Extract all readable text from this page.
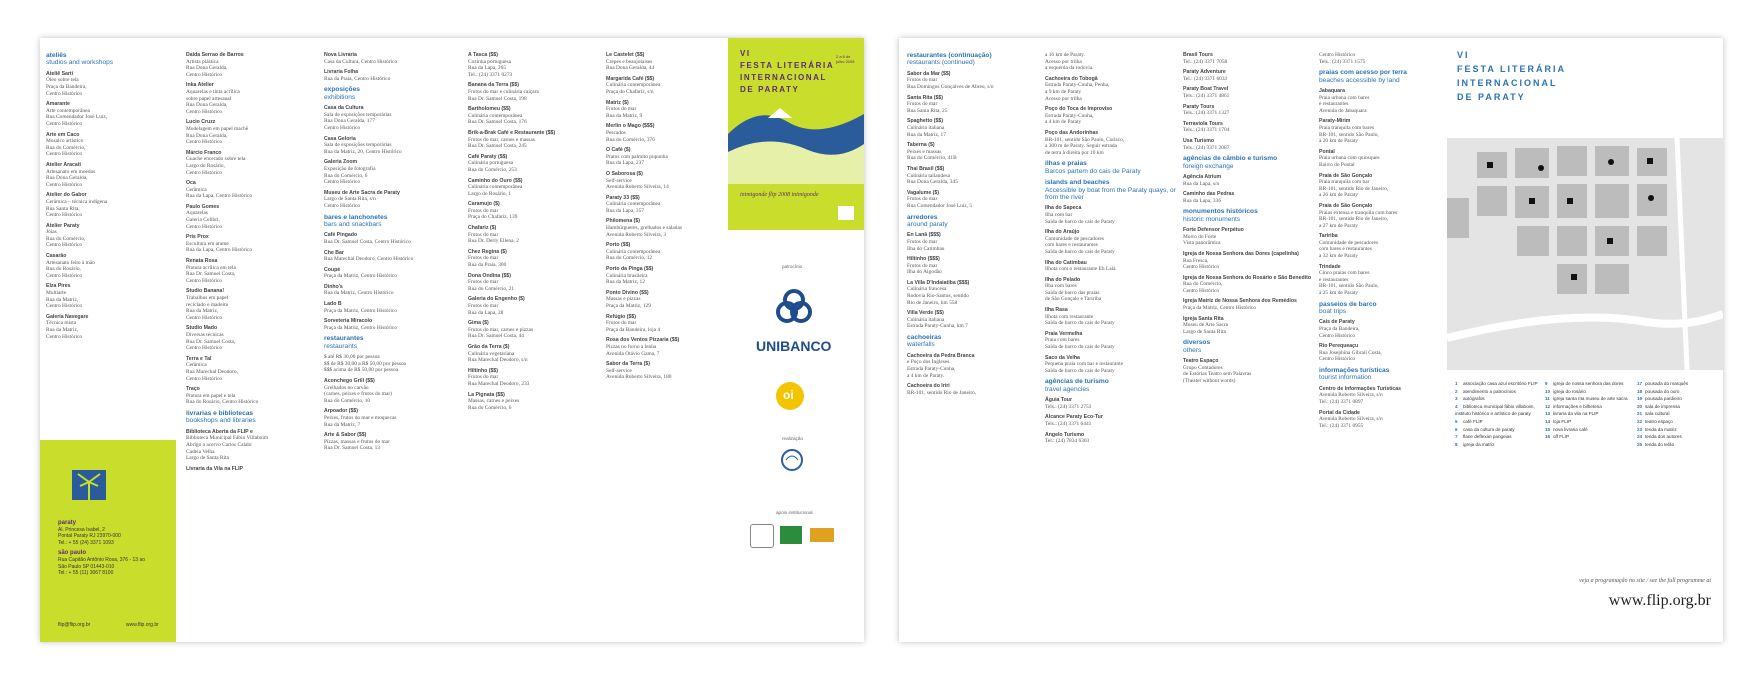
ateliês
studios and workshops
Ateliê Sarti
Óleo sobre tela
Praça da Bandeira,
Centro Histórico
Amarante
Arte contemporânea
Rua Comendador José Luiz,
Centro Histórico
Arte em Caco
Mosaico artístico
Rua do Comércio,
Centro Histórico
Atelier Aracati
Artesanato em moedas
Rua Dona Geralda,
Centro Histórico
Atelier do Gabor
Cerâmica – técnica indígena
Rua Santa Rita,
Centro Histórico
Atelier Paraty
Jóias
Rua do Comércio,
Centro Histórico
Casarão
Artesanato feito à mão
Rua do Rosário,
Centro Histórico
Elza Pires
Multiarte
Rua da Matriz,
Centro Histórico
Galeria Navegare
Técnica mista
Rua da Matriz,
Centro Histórico
paraty
Al. Princesa Isabel, 2
Pontal Paraty RJ 23970-000
Tel.: + 55 (24) 3371 1093
são paulo
Rua Capitão Antônio Rosa, 376 - 13 ao
São Paulo SP 01443-010
Tel.: + 55 (11) 3067 8100
flip@flip.org.br	www.flip.org.br
Dalda Serrao de Barros
Artista plástica
Rua Dona Geralda,
Centro Histórico
Inka Atelier
Aquarelas e tinta acrílica
sobre papel artesanal
Rua Dona Geralda,
Centro Histórico
Lucio Cruzz
Modelagem em papel machê
Rua Dona Geralda,
Centro Histórico
Márcio Franco
Guache encerado sobre tela
Largo do Rosário,
Centro Histórico
Oca
Cerâmica
Rua da Lapa, Centro Histórico
Paulo Gomes
Aquarelas
Galeria Colibri,
Centro Histórico
Pris Prox
Escultura em arame
Rua da Lapa, Centro Histórico
Renata Rosa
Pintura acrílica em tela
Rua Dr. Samuel Costa,
Centro Histórico
Studio Banana!
Trabalhos em papel
reciclado e madeira
Rua da Matriz,
Centro Histórico
Studio Mado
Diversas técnicas
Rua Dr. Samuel Costa,
Centro Histórico
Terra e Tal
Cerâmica
Rua Marechal Deodoro,
Centro Histórico
Traço
Pintura em papel e tela
Rua do Rosário, Centro Histórico
livrarias e bibliotecas
bookshops and libraries
Biblioteca Aberta da FLIP e
Biblioteca Municipal Fábio Villaboim
Abrigo a acervo Carlos Calabi
Cadeia Velha
Largo de Santa Rita
Livraria da Vila na FLIP
Nova Livraria
Casa da Cultura, Centro Histórico
Livraria Folha
Rua da Praia, Centro Histórico
exposições
exhibitions
Casa da Cultura
Sala de exposições temporárias
Rua Dona Geralda, 177
Centro Histórico
Casa Geloria
Sala de exposições temporárias
Rua da Matriz, 20, Centro Histórico
Galeria Zoom
Exposição de fotografia
Rua do Comércio, 6
Centro Histórico
Museu de Arte Sacra de Paraty
Largo de Santa Rita, s/n
Centro Histórico
bares e lanchonetes
bars and snackbars
Café Pingado
Rua Dr. Samuel Costa, Centro Histórico
Che Bar
Rua Marechal Deodoro, Centro Histórico
Coupé
Praça da Matriz, Centro Histórico
Dinho's
Rua da Matriz, Centro Histórico
Lado B
Praça da Matriz, Centro Histórico
Sorveteria Miracolo
Praça da Matriz, Centro Histórico
restaurantes
restaurants
$ até R$ 30,00 por pessoa
$$ de R$ 30,00 a R$ 50,00 por pessoa
$$$ acima de R$ 50,00 por pessoa
Aconchego Grill ($$)
Grelhados no carvão
(carnes, peixes e frutos do mar)
Rua do Comércio, 10
Arpoador ($$)
Peixes, frutos do mar e moquecas
Rua da Matriz, 7
Arte & Sabor ($$)
Pizzas, massas e frutos do mar
Rua Dr. Samuel Costa, 13
A Tasca ($$)
Cozinha portuguesa
Rua da Lapa, 265
Tel.: (24) 3371 0273
Banana da Terra ($$)
Frutos do mar e culinária caiçara
Rua Dr. Samuel Costa, 198
Bartholomeu ($$)
Culinária contemporânea
Rua Dr. Samuel Costa, 176
Brik-a-Brak Café e Restaurante ($$)
Frutos do mar, carnes e massas
Rua Dr. Samuel Costa, 245
Café Paraty ($$)
Culinária portuguesa
Rua do Comércio, 253
Caminho do Ouro ($$)
Culinária contemporânea
Largo do Rosário, 1
Caramujo ($)
Frutos do mar
Praça do Chafariz, 139
Chafariz ($)
Frutos do mar
Rua Dr. Derly Ellena, 2
Chez Regina ($)
Frutos do mar
Rua da Praia, 300
Dona Ondina ($$)
Frutos do mar
Rua do Comércio, 21
Galeria do Engenho ($)
Frutos do mar
Rua da Lapa, 28
Gima ($)
Frutos do mar, carnes e pizzas
Rua Dr. Samuel Costa, 44
Grão da Terra ($)
Culinária vegetariana
Rua Marechal Deodoro, s/n
Hiltinho ($$)
Frutos do mar
Rua Marechal Deodoro, 233
La Pignata ($$)
Massas, carnes e peixes
Rua do Comércio, 6
Le Castelet ($$)
Crepes e beaujolaises
Rua Dona Geralda, 44
Margarida Café ($$)
Culinária contemporânea
Praça do Chafariz, s/n
Matriz ($)
Frutos do mar
Rua da Matriz, 9
Merlin o Mago ($$$)
Pescados
Rua do Comércio, 376
O Café ($)
Pratos com palmito pupunha
Rua da Lapa, 237
O Saborosa ($)
Self-service
Avenida Roberto Silveira, 14
Paraty 33 ($$)
Culinária contemporânea
Rua da Lapa, 357
Philomena ($)
Hambúrgueres, grelhados e saladas
Avenida Roberto Silveira, 3
Porto ($$)
Culinária contemporânea
Rua do Comércio, 12
Porto da Pinga ($$)
Culinária brasileira
Rua da Matriz, 12
Ponto Divino ($$)
Massas e pizzas
Praça da Matriz, 129
Refúgio ($$)
Frutos do mar
Praça da Bandeira, loja 4
Rosa dos Ventos Pizzaria ($$)
Pizzas no forno a lenha
Avenida Otávio Gama, 7
Sabor da Terra ($)
Self-service
Avenida Roberto Silveira, 180
VI
FESTA LITERÁRIA
INTERNACIONAL
DE PARATY
2 a 6 de julho 2008
inimigonde flip 2008 inimigonde
patrocínio
UNIBANCO
oi
realização
apoio institucional
restaurantes (continuação)
restaurants (continued)
Sabor da Mar ($$)
Frutos do mar
Rua Domingos Gonçalves de Abreu, s/n
Santa Rita ($$)
Frutos do mar
Rua Santa Rita, 25
Spaghetto ($$)
Culinária italiana
Rua da Matriz, 17
Taberna ($)
Peixes e massas
Rua do Comércio, 41B
Thai Brasil ($$)
Culinária tailandesa
Rua Dona Geralda, 345
Vagalume ($)
Frutos do mar
Rua Comendador José Luiz, 5
arredores
around paraty
En Lanã ($$$)
Frutos do mar
Ilha do Catimbau
Hiltinho ($$$)
Frutos do mar
Ilha do Algodão
La Villa D'Indaiatiba ($$$)
Culinária francesa
Rodovia Rio-Santos, sentido
Rio de Janeiro, km 558
Villa Verde ($$)
Culinária italiana
Estrada Paraty-Cunha, km 7
cachoeiras
waterfalls
Cachoeira da Pedra Branca
e Poço dos Ingleses
Estrada Paraty-Cunha,
a 4 km de Paraty.
Cachoeira do Iriri
BR-101, sentido Rio de Janeiro,
a 16 km de Paraty.
Acesso por trilha
a esquerda da rodovia.
Cachoeira do Tobogã
Estrada Paraty-Cunha, Penha,
a 9 km de Paraty
Acesso por trilha
Poço do Toca de Improviso
Estrada Paraty-Cunha,
a 4 km de Paraty
Poço das Andorinhas
BR-101, sentido São Paulo, Corisco,
a 300 m de Paraty. Seguir estrada
de terra à direita por 10 km
ilhas e praias
Barcos partem do cais de Paraty
islands and beaches
Accessible by boat from the Paraty quays, or from the river
Ilha do Sapeca
Ilha com bar
Saída de barco do cais de Paraty
Ilha do Araújo
Comunidade de pescadores
com bares e restaurantes
Saída de barco do cais de Paraty
Ilha do Catimbau
Ilhota com o restaurante Eh Lalá
Ilha do Pelado
Ilha com bares
Saída de barco das praias
de São Gonçalo e Taririba
Ilha Rasa
Ilhota com restaurante
Saída de barco do cais de Paraty
Praia Vermelha
Praia com bares
Saída de barco do cais de Paraty
Saco da Velha
Pequena praia com bar e restaurante
Saída de barco do cais de Paraty
agências de turismo
travel agencies
Águia Tour
Tels.: (24) 3371 2753
Alcance Paraty Eco-Tur
Tels.: (24) 3371 6441
Angelo Turismo
Tel.: (24) 7834 6303
Brasil Tours
Tel.: (24) 3371 7058
Paraty Adventure
Tel.: (24) 3371 6033
Paraty Boat Travel
Tels.: (24) 3371 4861
Paraty Tours
Tels.: (24) 3371 1327
Terraviola Tours
Tels.: (24) 3371 1704
Usa Turismo
Tels.: (24) 3371 2087
agências de câmbio e turismo
foreign exchange
Agência Atrium
Rua da Lapa, s/n
Caminho das Pedras
Rua da Lapa, 336
monumentos históricos
historic monuments
Forte Defensor Perpétuo
Morro do Forte
Vista panorâmica
Igreja de Nossa Senhora das Dores (capelinha)
Rua Fresca,
Centro Histórico
Igreja de Nossa Senhora do Rosário e São Benedito
Rua do Comércio,
Centro Histórico
Igreja Matriz de Nossa Senhora dos Remédios
Praça da Matriz, Centro Histórico
Igreja Santa Rita
Museu de Arte Sacra
Largo de Santa Rita
diversos
others
Teatro Espaço
Grupo Contadores
de Estórias Teatro sem Palavras
(Theater without words)
Centro Histórico
Tels.: (24) 3371 1575
praias com acesso por terra
beaches accessible by land
Jabaquara
Praia urbana com bares
e restaurantes
Avenida do Jabaquara
Paraty-Mirim
Praia tranquila com bares
BR-101, sentido São Paulo,
a 20 km de Paraty
Pontal
Praia urbana com quiosques
Bairro do Pontal
Praia de São Gonçalo
Praia tranquila com bar
BR-101, sentido Rio de Janeiro,
a 26 km de Paraty
Praia de São Gonçalo
Praias extensa e tranquila com bares
BR-101, sentido Rio de Janeiro,
a 27 km de Paraty
Taririba
Comunidade de pescadores
com bares e restaurantes
a 32 km de Paraty
Trindade
Cinco praias com bares
e restaurantes
BR-101, sentido São Paulo,
a 25 km de Paraty
passeios de barco
boat trips
Cais de Paraty
Praça da Bandeira,
Centro Histórico
Rio Perequeaçu
Rua Josephina Gibrail Costa,
Centro Histórico
informações turísticas
tourist information
Centro de Informações Turísticas
Avenida Roberto Silveira, s/n
Tel.: (24) 3371 0897
Portal da Cidade
Avenida Roberto Silveira, s/n
Tel.: (24) 3371 0955
VI
FESTA LITERÁRIA
INTERNACIONAL
DE PARATY
1 associação casa azul escritório FLIP
2 atendimento a patrocínios
3 autógrafos
4 biblioteca municipal fábio villaboim, instituto histórico e artístico de paraty
5 café FLIP
6 casa da cultura de paraty
7 flane deflexan pangeias
8 igreja da matriz
9 igreja de nossa senhora das dores
10 igreja do rosário
11 igreja santa rita museu de arte sacra
12 informações e bilheteria
13 livraria da vila na FLIP
14 loja FLIP
15 nova livraria café
16 off FLIP
17 pousada do marquês
18 pousada do ouro
19 pousada pardieiro
20 sala de imprensa
21 sala cultural
22 teatro espaço
23 tenda da matriz
24 tenda dos autores
25 tenda do telão
veja a programação no site / see the full programme at
www.flip.org.br
